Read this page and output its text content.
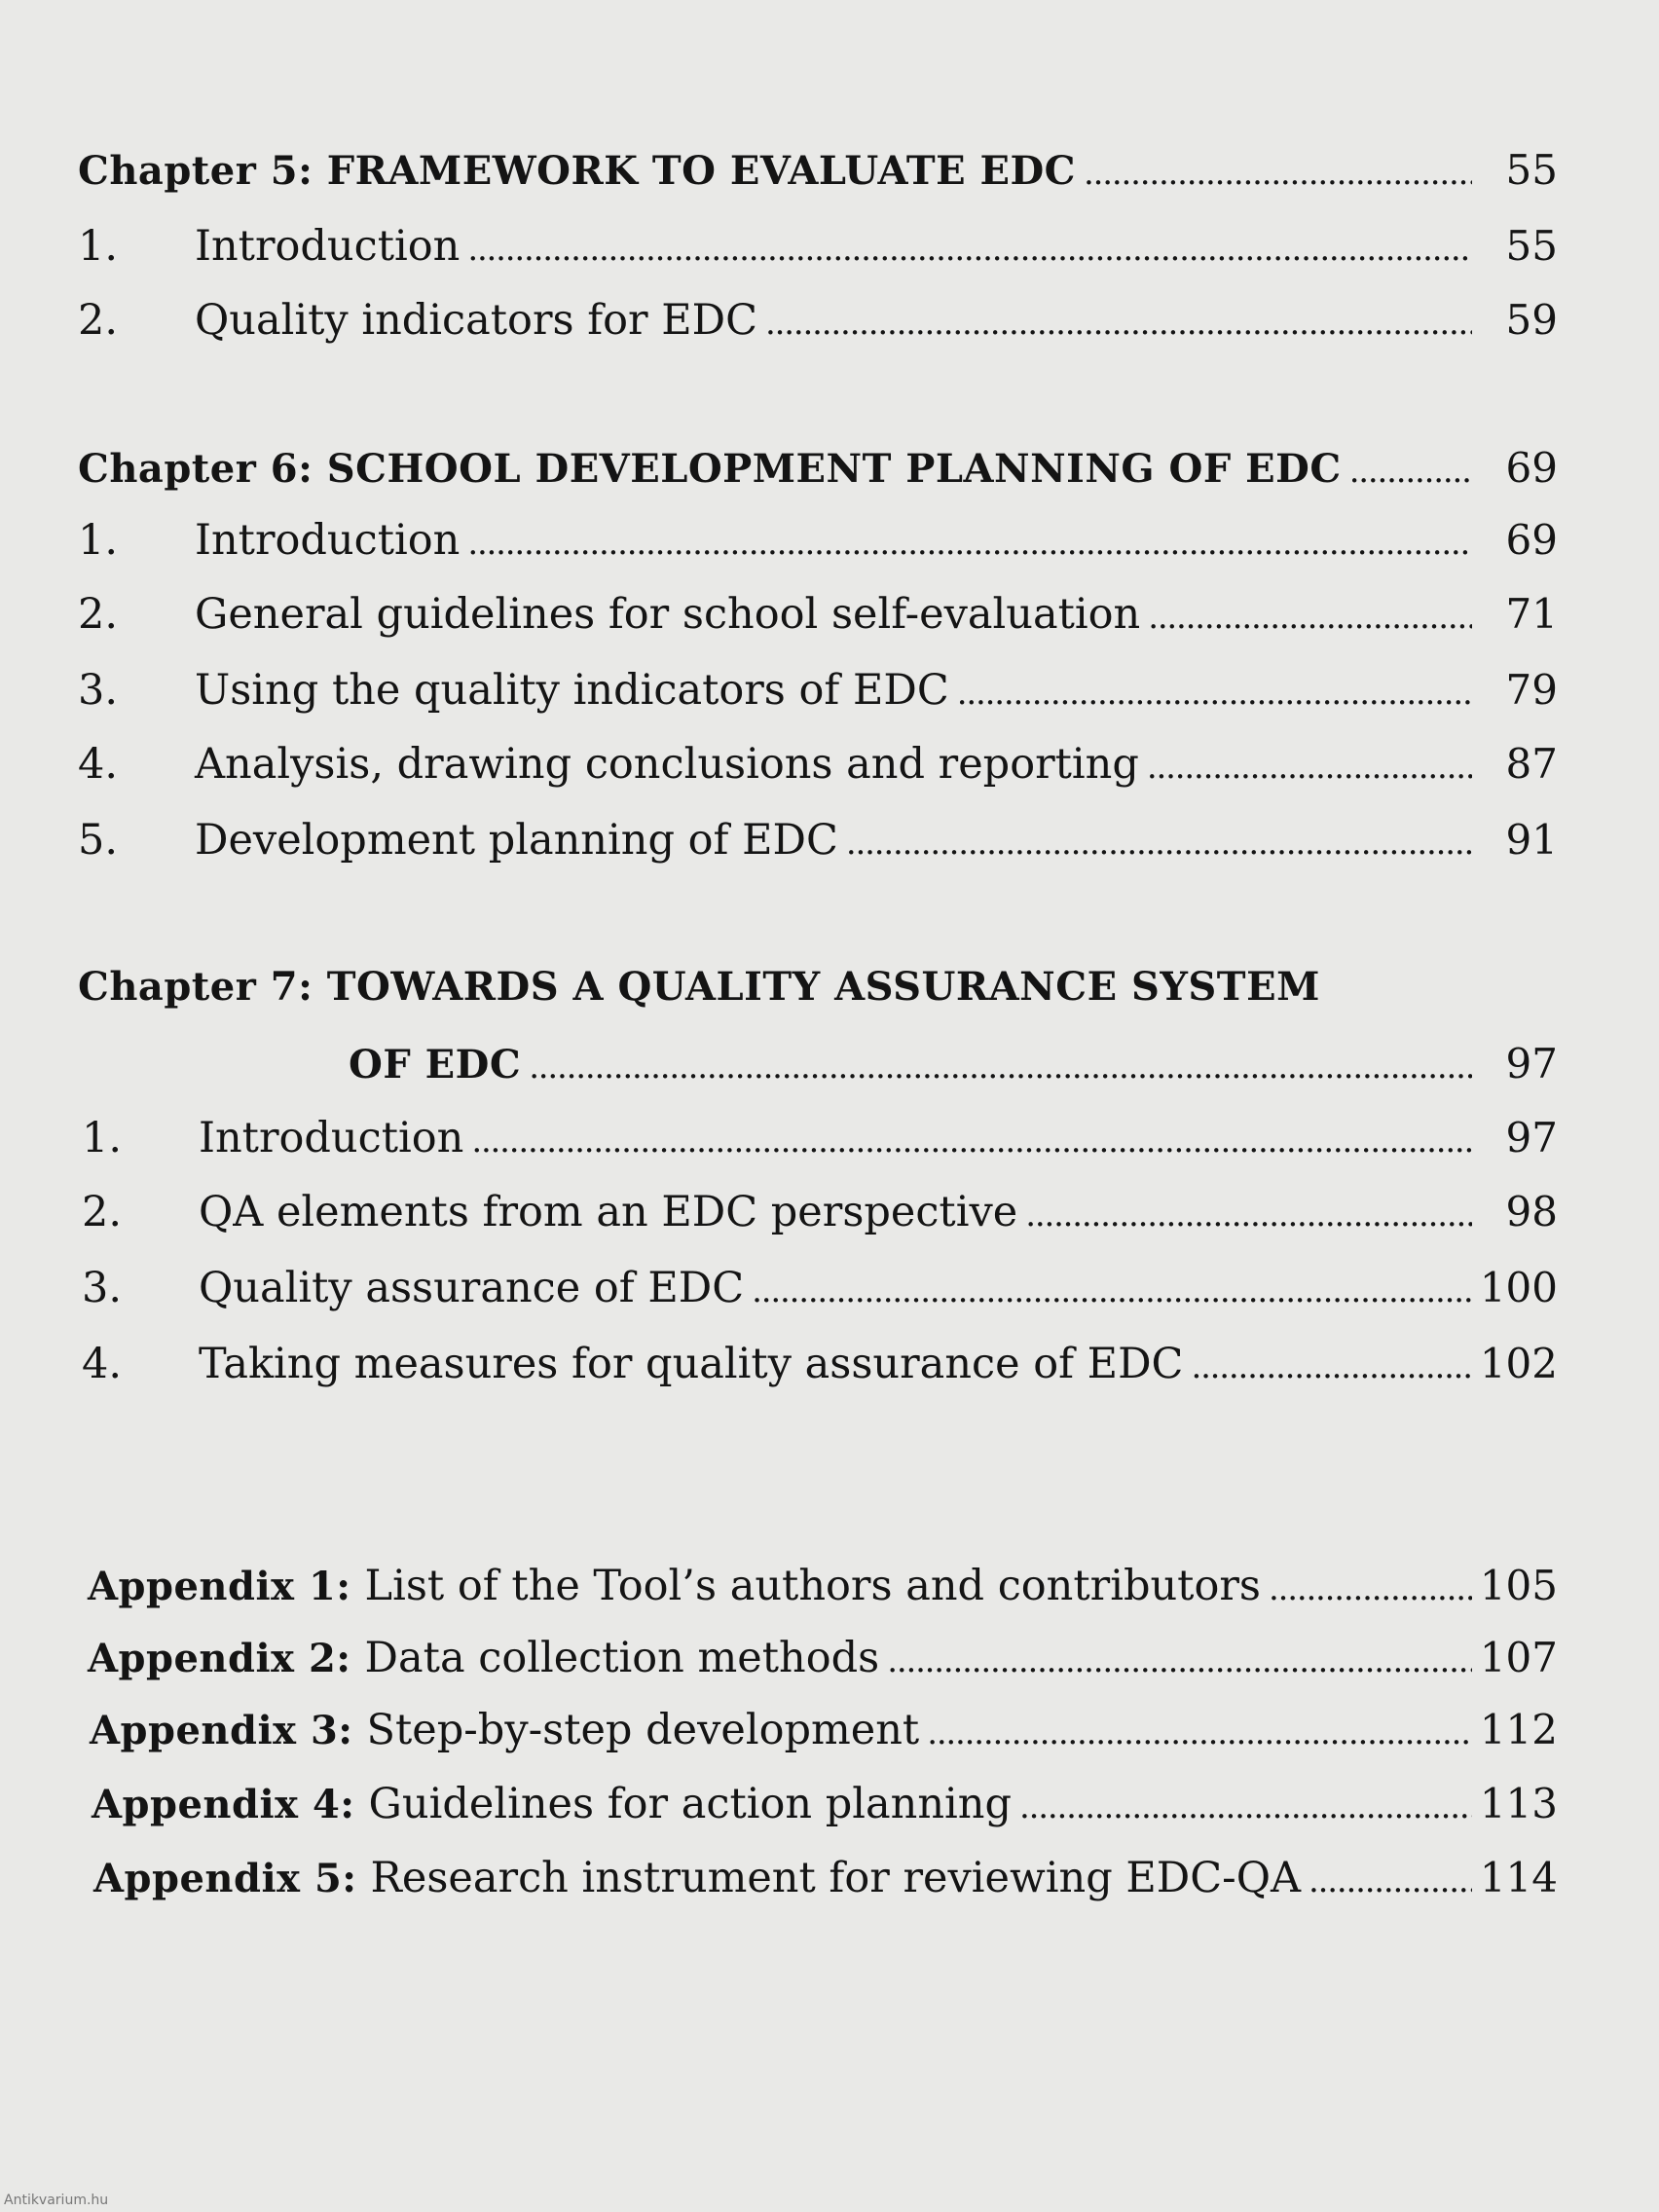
Chapter 5: FRAMEWORK TO EVALUATE EDC . . .	55
1.	Introduction . . .	55
2.	Quality indicators for EDC . . .	59
Chapter 6: SCHOOL DEVELOPMENT PLANNING OF EDC . . .	69
1.	Introduction . . .	69
2.	General guidelines for school self-evaluation . . .	71
3.	Using the quality indicators of EDC . . .	79
4.	Analysis, drawing conclusions and reporting . . .	87
5.	Development planning of EDC . . .	91
Chapter 7: TOWARDS A QUALITY ASSURANCE SYSTEM
OF EDC . . .	97
1.	Introduction . . .	97
2.	QA elements from an EDC perspective . . .	98
3.	Quality assurance of EDC . . .	100
4.	Taking measures for quality assurance of EDC . . .	102
Appendix 1: List of the Tool’s authors and contributors . . .	105
Appendix 2: Data collection methods . . .	107
Appendix 3: Step-by-step development . . .	112
Appendix 4: Guidelines for action planning . . .	113
Appendix 5: Research instrument for reviewing EDC-QA . . .	114
Antikvarium.hu
